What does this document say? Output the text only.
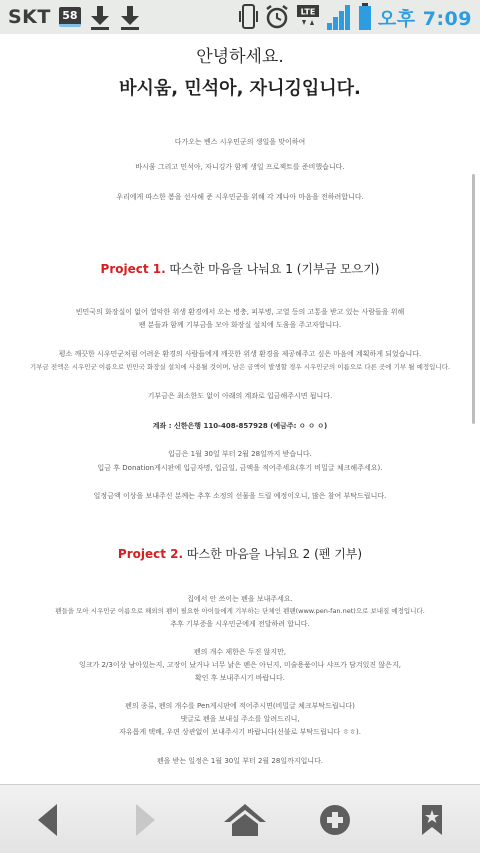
SKT	58	LTE	오후 7:09
안녕하세요.
바시움, 민석아, 자니깅입니다.
다가오는 벤스 시우민군의 생일을 맞이하여
바시움 그리고 민석아, 자니깅가 함께 생일 프로젝트를 준비했습니다.
우리에게 따스한 봄을 선사해 준 시우민군을 위해 각 계나아 마음을 전하려합니다.
Project 1. 따스한 마음을 나눠요 1 (기부금 모으기)
빈민국의 화장실이 없어 열악한 위생 환경에서 오는 병충, 피부병, 고열 등의 고통을 받고 있는 사람들을 위해
팬 분들과 함께 기부금을 모아 화장실 설치에 도움을 주고자합니다.
평소 깨끗한 시우민군처럼 어려운 환경의 사람들에게 깨끗한 위생 환경을 제공해주고 싶은 마음에 계획하게 되었습니다.
기부금 전액은 시우민군 이름으로 빈민국 화장실 설치에 사용될 것이며, 남은 금액이 발생할 경우 시우민군의 이름으로 다른 곳에 기부 될 예정입니다.
기부금은 최소한도 없이 아래의 계좌로 입금해주시면 됩니다.
계좌 : 신한은행 110-408-857928 (예금주: ㅇ ㅇ ㅇ)
입금은 1월 30일 부터 2월 28일까지 받습니다.
입금 후 Donation게시판에 입금자명, 입금일, 금액을 적어주세요(후기 비밀글 체크해주세요).
일정금액 이상을 보내주신 분께는 추후 소정의 선물을 드릴 예정이오니, 많은 참여 부탁드립니다.
Project 2. 따스한 마음을 나눠요 2 (펜 기부)
집에서 안 쓰이는 펜을 보내주세요.
펜들을 모아 시우민군 이름으로 해외의 펜이 필요한 아이들에게 기부하는 단체인 펜팬(www.pen-fan.net)으로 보내질 예정입니다.
추후 기부증을 시우민군에게 전달하려 합니다.
펜의 개수 제한은 두진 않지만,
잉크가 2/3이상 남아있는지, 고장이 났거나 너무 낡은 펜은 아닌지, 미술용품이나 샤프가 담겨있진 않은지,
확인 후 보내주시기 바랍니다.
펜의 종류, 펜의 개수를 Pen게시판에 적어주시면(비밀글 체크부탁드립니다)
댓글로 펜을 보내실 주소를 알려드리니,
자유롭게 택배, 우편 상관없이 보내주시기 바랍니다(선불로 부탁드립니다 ㅎㅎ).
펜을 받는 일정은 1월 30일 부터 2월 28일까지입니다.
